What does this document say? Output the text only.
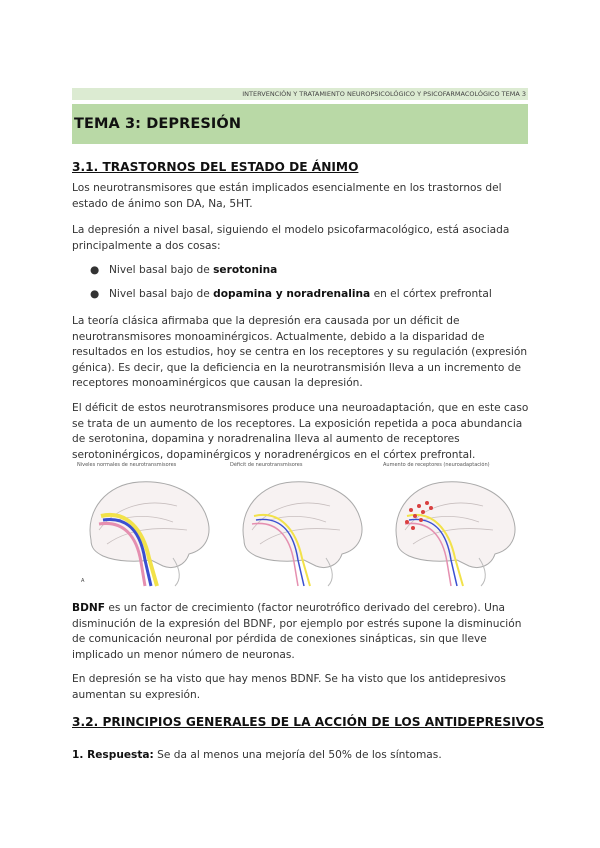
INTERVENCIÓN Y TRATAMIENTO NEUROPSICOLÓGICO Y PSICOFARMACOLÓGICO TEMA 3
TEMA 3: DEPRESIÓN
3.1. TRASTORNOS DEL ESTADO DE ÁNIMO

Los neurotransmisores que están implicados esencialmente en los trastornos del estado de ánimo son DA, Na, 5HT.

La depresión a nivel basal, siguiendo el modelo psicofarmacológico, está asociada principalmente a dos cosas:

● Nivel basal bajo de serotonina

● Nivel basal bajo de dopamina y noradrenalina en el córtex prefrontal

La teoría clásica afirmaba que la depresión era causada por un déficit de neurotransmisores monoaminérgicos. Actualmente, debido a la disparidad de resultados en los estudios, hoy se centra en los receptores y su regulación (expresión génica). Es decir, que la deficiencia en la neurotransmisión lleva a un incremento de receptores monoaminérgicos que causan la depresión.

El déficit de estos neurotransmisores produce una neuroadaptación, que en este caso se trata de un aumento de los receptores. La exposición repetida a poca abundancia de serotonina, dopamina y noradrenalina lleva al aumento de receptores serotoninérgicos, dopaminérgicos y noradrenérgicos en el córtex prefrontal.

Niveles normales de neurotransmisores
A
Déficit de neurotransmisores	Aumento de receptores (neuroadaptación)

BDNF es un factor de crecimiento (factor neurotrófico derivado del cerebro). Una disminución de la expresión del BDNF, por ejemplo por estrés supone la disminución de comunicación neuronal por pérdida de conexiones sinápticas, sin que lleve implicado un menor número de neuronas.

En depresión se ha visto que hay menos BDNF. Se ha visto que los antidepresivos aumentan su expresión.

3.2. PRINCIPIOS GENERALES DE LA ACCIÓN DE LOS ANTIDEPRESIVOS

1. Respuesta: Se da al menos una mejoría del 50% de los síntomas.
